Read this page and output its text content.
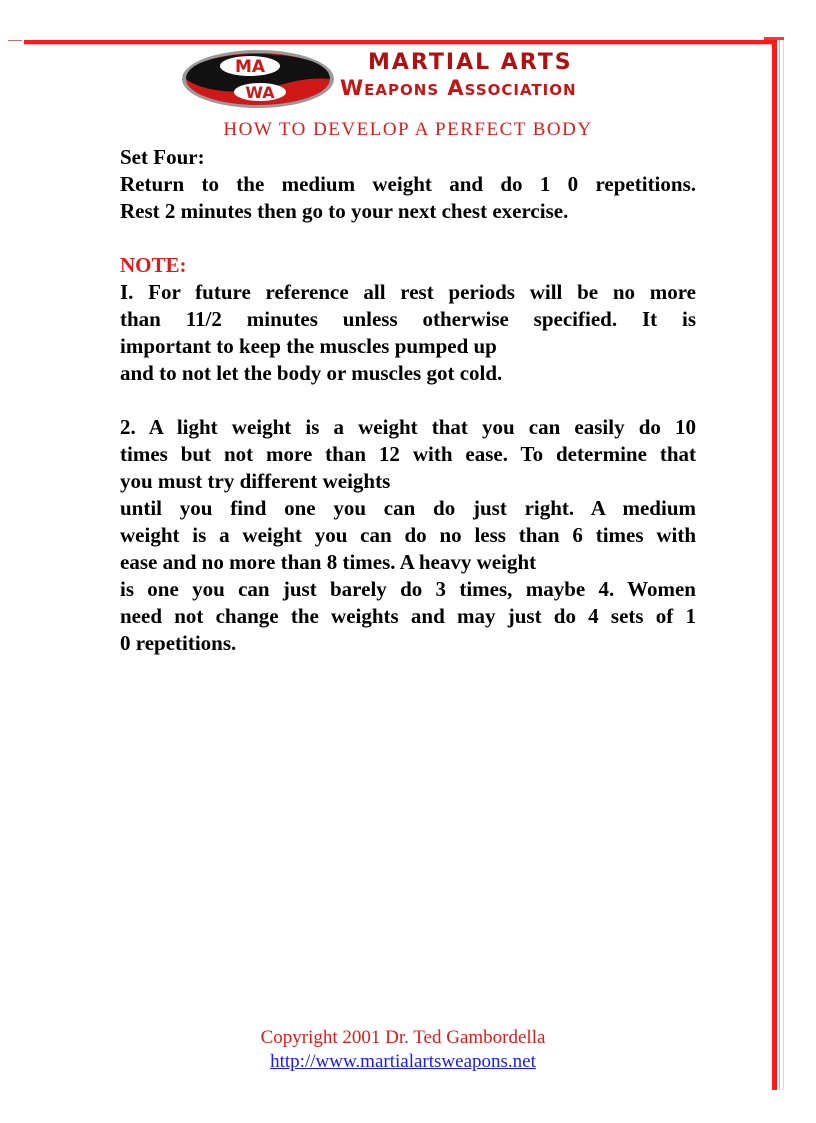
MA
WA
MARTIAL ARTS
Weapons Association
HOW TO DEVELOP A PERFECT BODY
Set Four:
Return to the medium weight and do 1 0 repetitions.
Rest 2 minutes then go to your next chest exercise.
NOTE:
I. For future reference all rest periods will be no more
than 11/2 minutes unless otherwise specified. It is
important to keep the muscles pumped up
and to not let the body or muscles got cold.
2. A light weight is a weight that you can easily do 10
times but not more than 12 with ease. To determine that
you must try different weights
until you find one you can do just right. A medium
weight is a weight you can do no less than 6 times with
ease and no more than 8 times. A heavy weight
is one you can just barely do 3 times, maybe 4. Women
need not change the weights and may just do 4 sets of 1
0 repetitions.
Copyright 2001 Dr. Ted Gambordella
http://www.martialartsweapons.net
